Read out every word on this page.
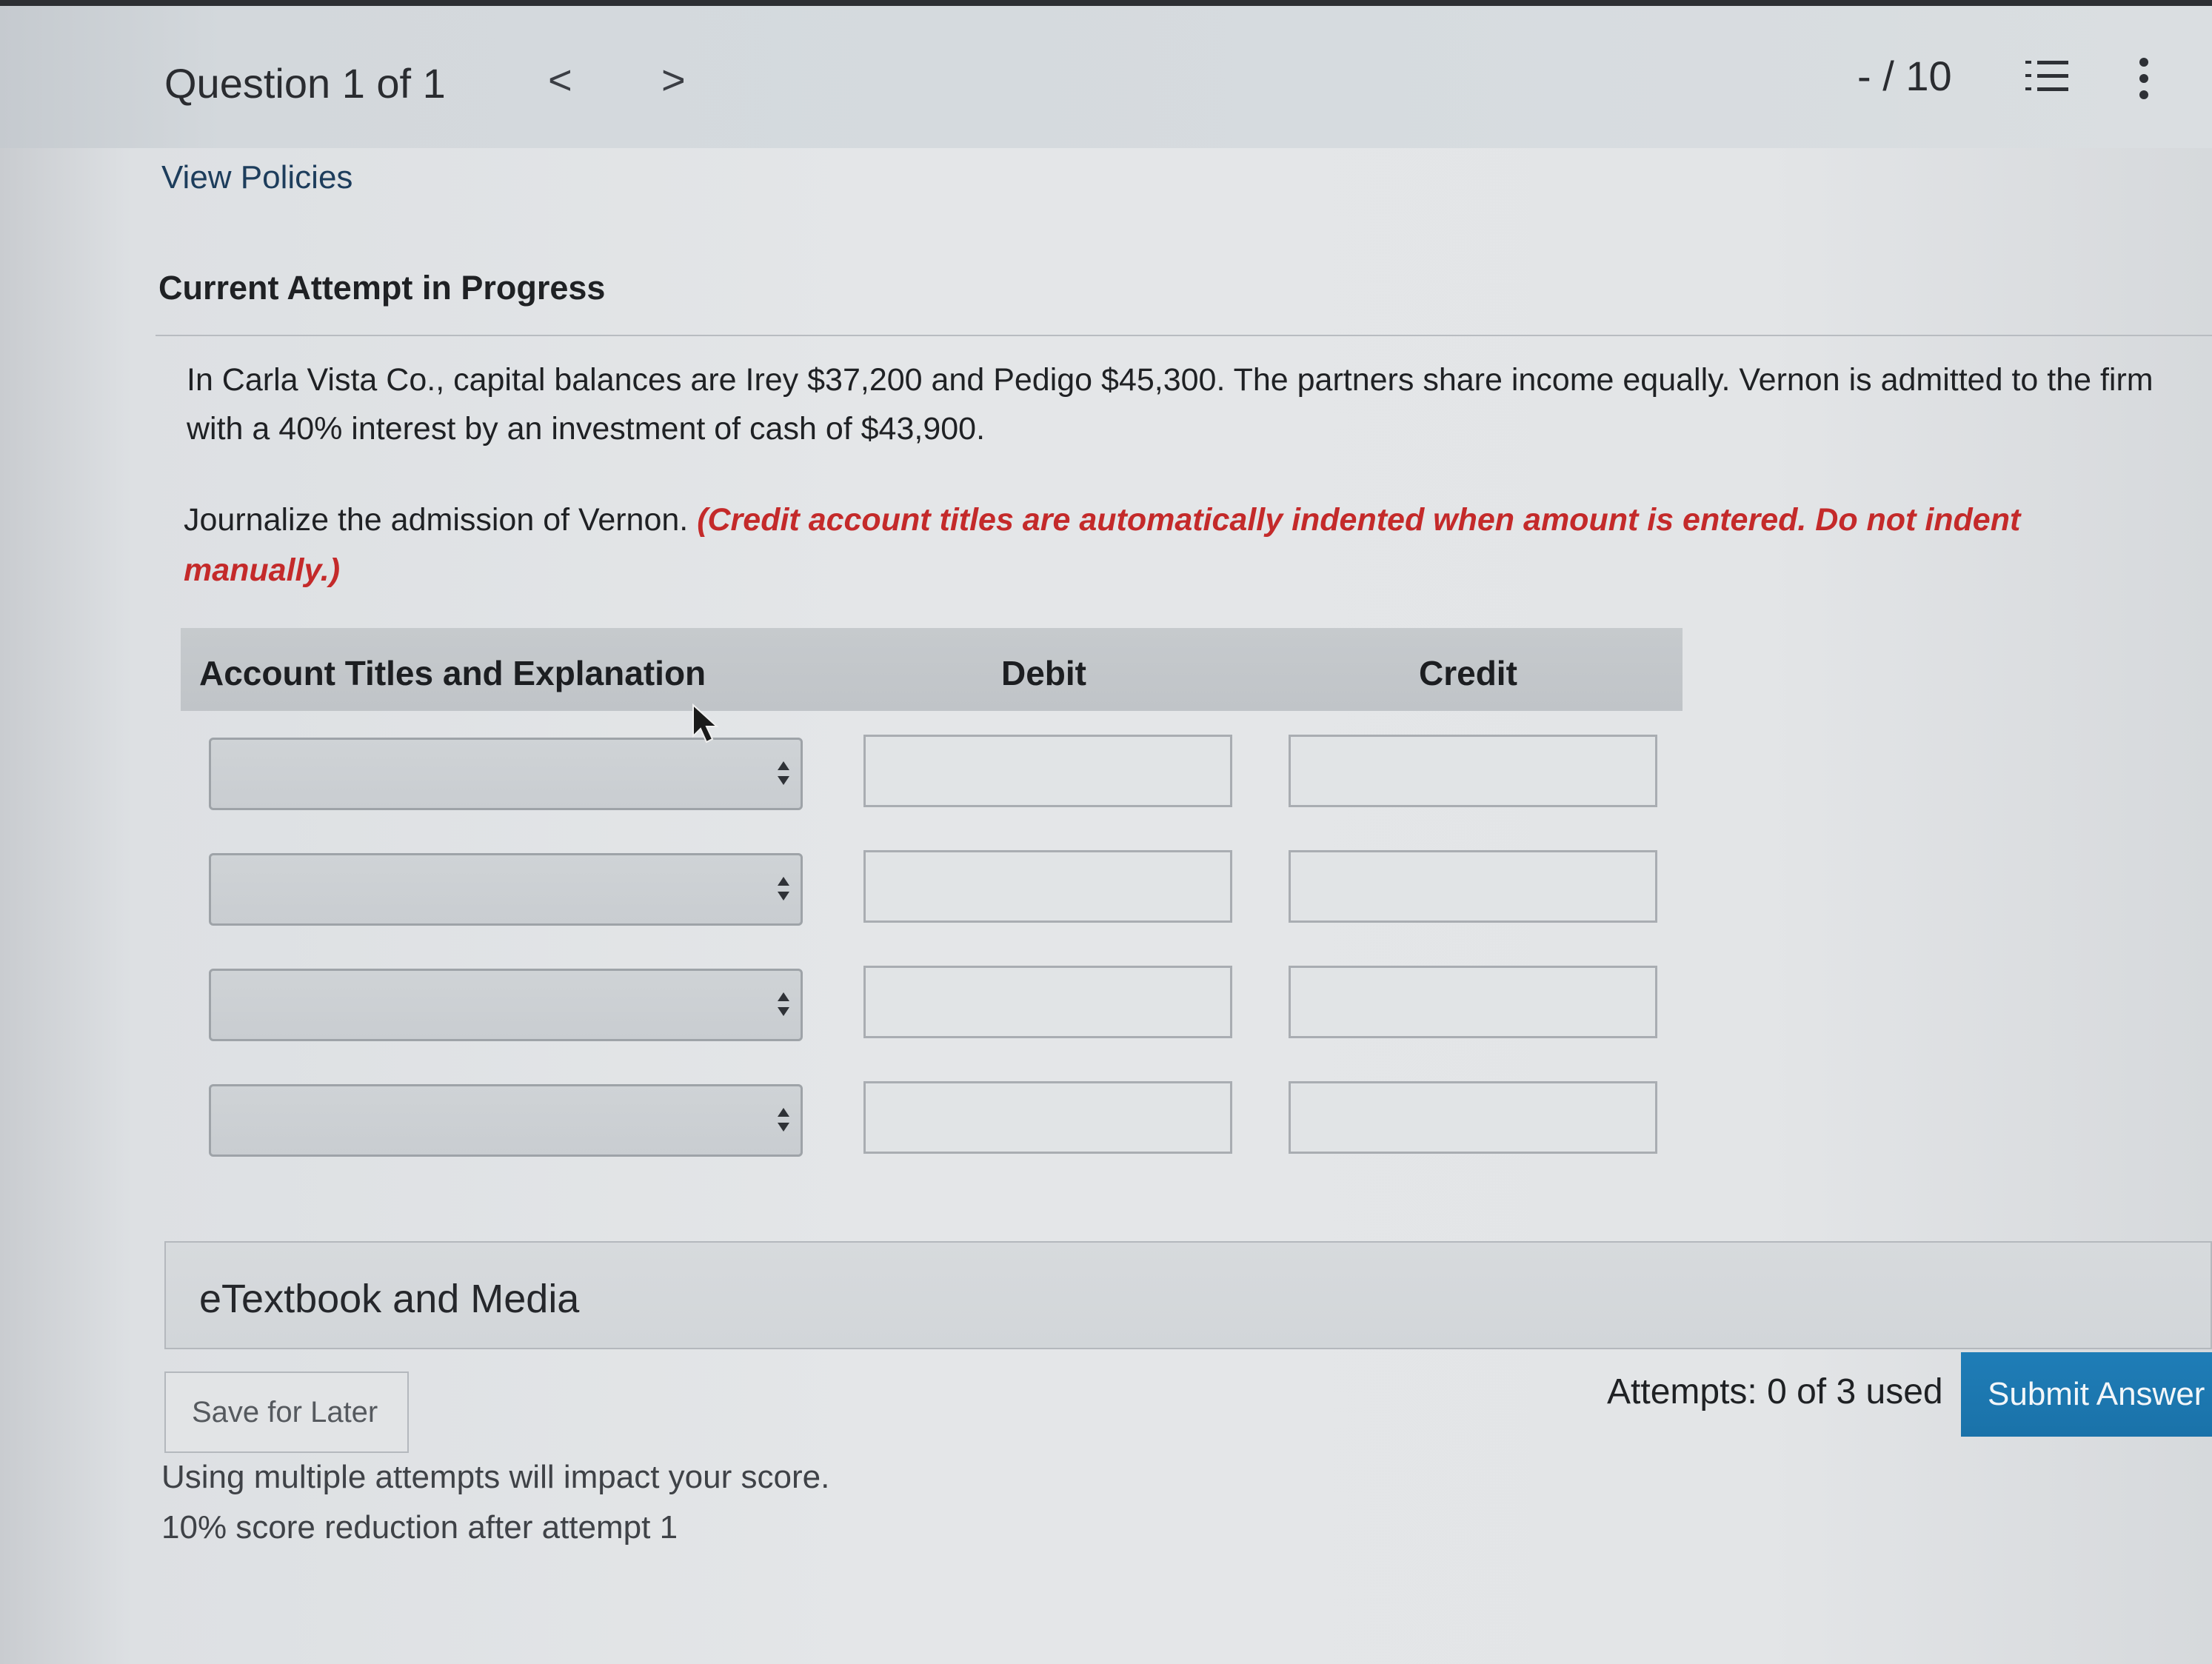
Question 1 of 1 < >	- / 10
View Policies
Current Attempt in Progress
In Carla Vista Co., capital balances are Irey $37,200 and Pedigo $45,300. The partners share income equally. Vernon is admitted to the firm with a 40% interest by an investment of cash of $43,900.
Journalize the admission of Vernon. (Credit account titles are automatically indented when amount is entered. Do not indent manually.)
Account Titles and Explanation	Debit	Credit
eTextbook and Media
Save for Later
Attempts: 0 of 3 used	Submit Answer
Using multiple attempts will impact your score.
10% score reduction after attempt 1
